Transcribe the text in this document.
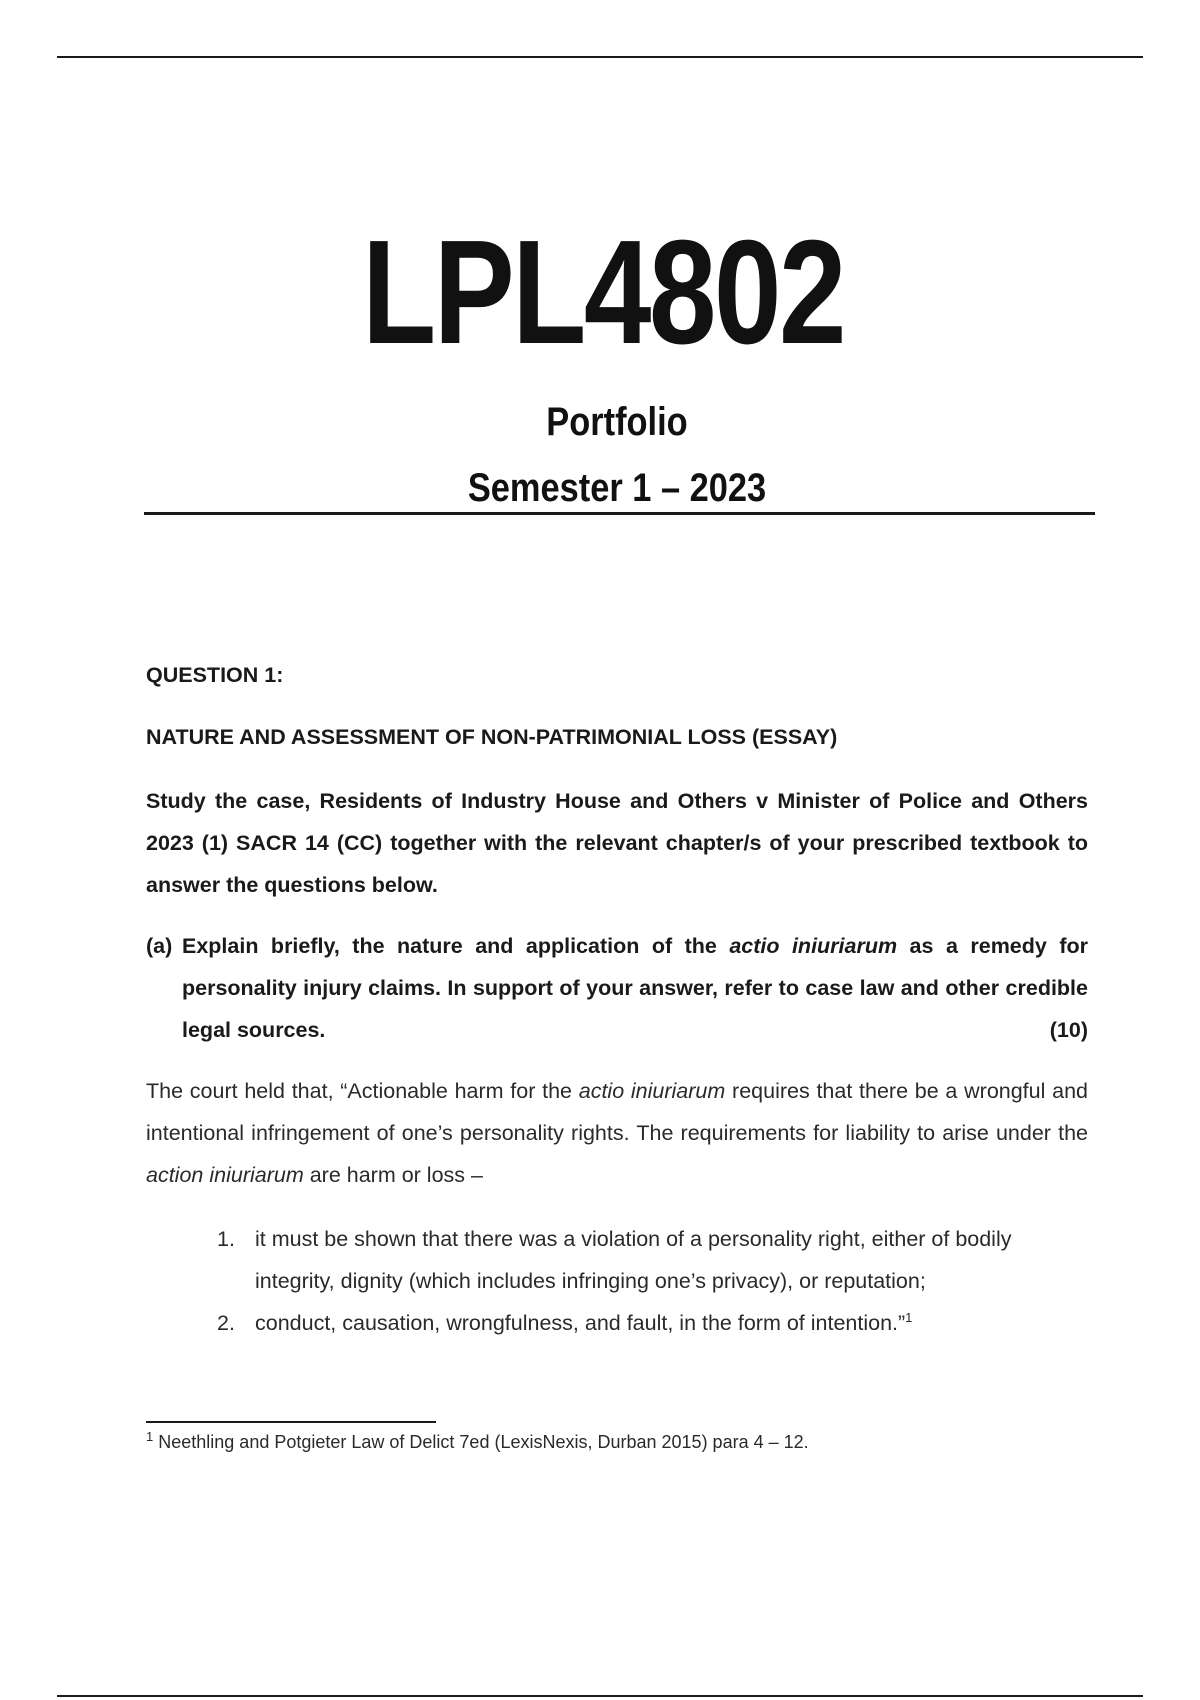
LPL4802
Portfolio
Semester 1 – 2023
QUESTION 1:
NATURE AND ASSESSMENT OF NON-PATRIMONIAL LOSS (ESSAY)
Study the case, Residents of Industry House and Others v Minister of Police and Others 2023 (1) SACR 14 (CC) together with the relevant chapter/s of your prescribed textbook to answer the questions below.
(a) Explain briefly, the nature and application of the actio iniuriarum as a remedy for personality injury claims. In support of your answer, refer to case law and other credible legal sources.	(10)
The court held that, “Actionable harm for the actio iniuriarum requires that there be a wrongful and intentional infringement of one’s personality rights. The requirements for liability to arise under the action iniuriarum are harm or loss –
1. it must be shown that there was a violation of a personality right, either of bodily integrity, dignity (which includes infringing one’s privacy), or reputation;
2. conduct, causation, wrongfulness, and fault, in the form of intention.”$^1$
$^1$ Neethling and Potgieter Law of Delict 7ed (LexisNexis, Durban 2015) para 4 – 12.
